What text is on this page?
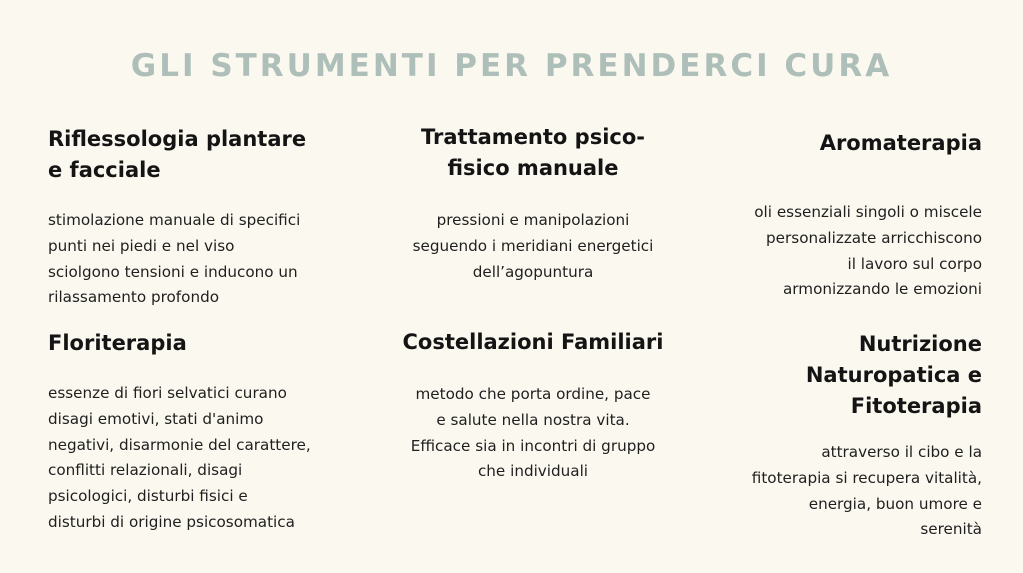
GLI STRUMENTI PER PRENDERCI CURA
Riflessologia plantare
e facciale

stimolazione manuale di specifici
punti nei piedi e nel viso
sciolgono tensioni e inducono un
rilassamento profondo

Trattamento psico-
fisico manuale

pressioni e manipolazioni
seguendo i meridiani energetici
dell’agopuntura

Aromaterapia

oli essenziali singoli o miscele
personalizzate arricchiscono
il lavoro sul corpo
armonizzando le emozioni

Floriterapia

essenze di fiori selvatici curano
disagi emotivi, stati d'animo
negativi, disarmonie del carattere,
conflitti relazionali, disagi
psicologici, disturbi fisici e
disturbi di origine psicosomatica

Costellazioni Familiari

metodo che porta ordine, pace
e salute nella nostra vita.
Efficace sia in incontri di gruppo
che individuali

Nutrizione
Naturopatica e
Fitoterapia

attraverso il cibo e la
fitoterapia si recupera vitalità,
energia, buon umore e
serenità
